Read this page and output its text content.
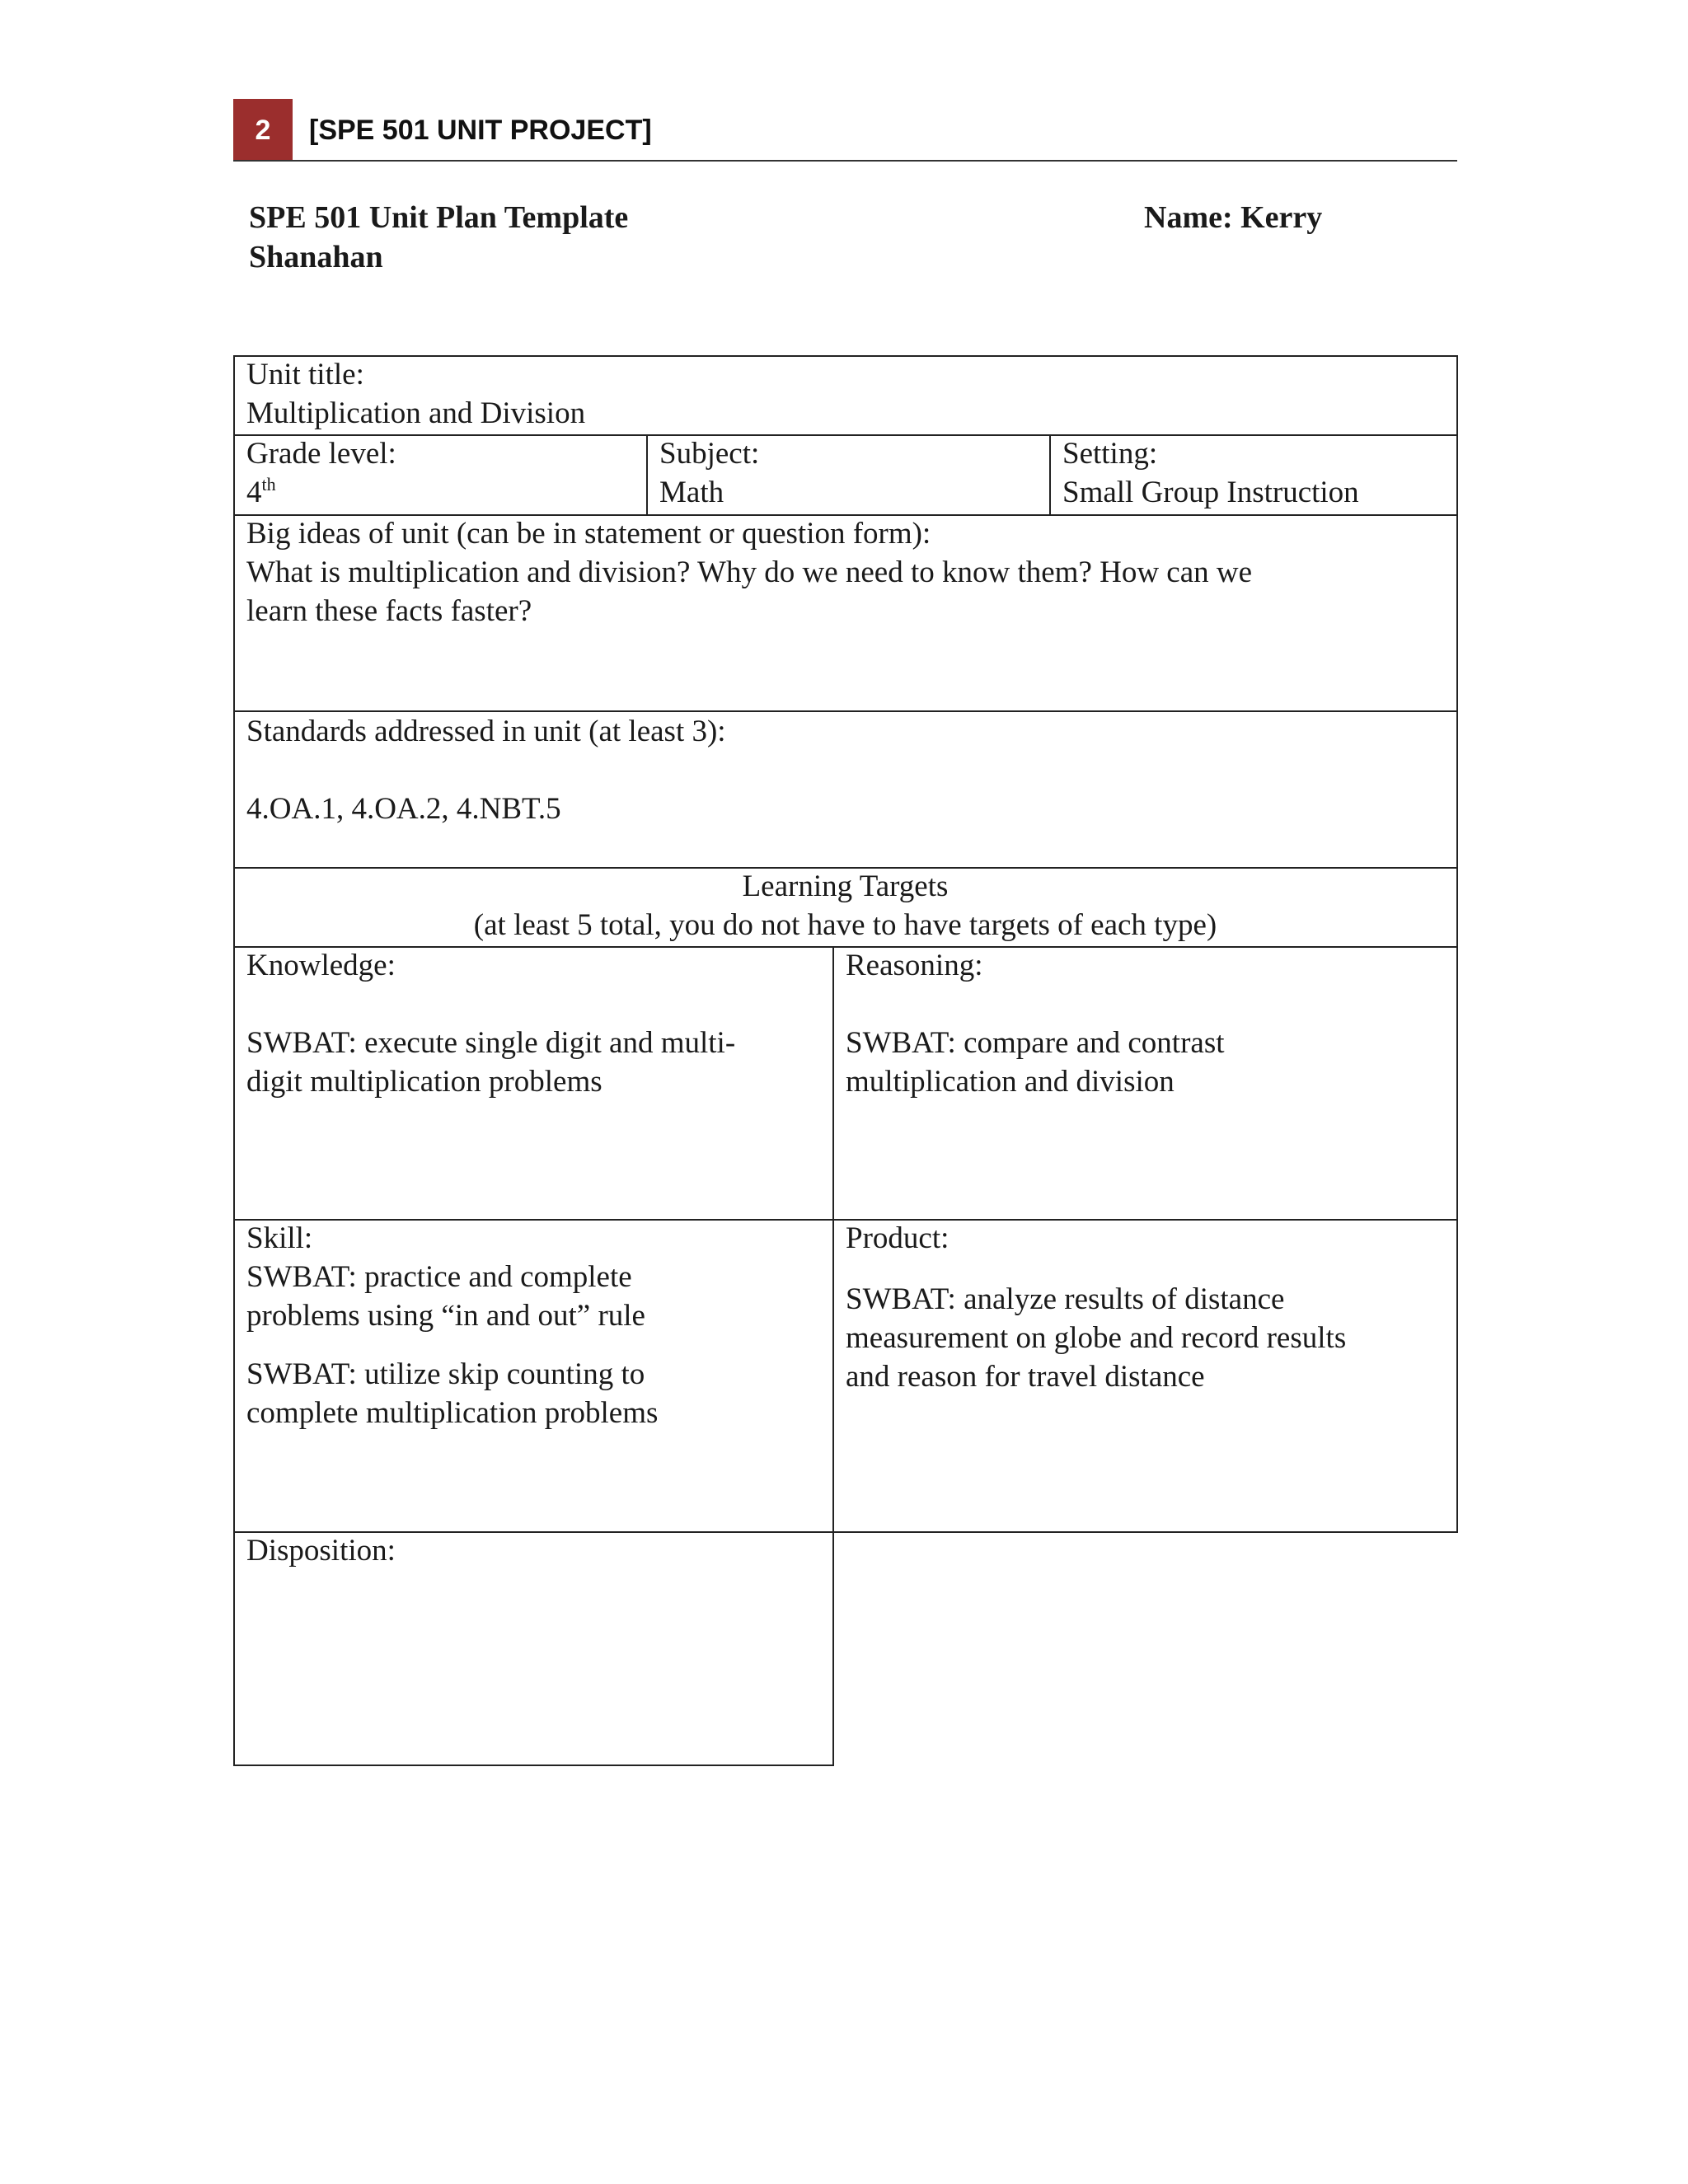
2	[SPE 501 UNIT PROJECT]
SPE 501 Unit Plan Template	Name: Kerry
Shanahan
Unit title:
Multiplication and Division
Grade level:
4th
Subject:
Math
Setting:
Small Group Instruction
Big ideas of unit (can be in statement or question form):
What is multiplication and division? Why do we need to know them? How can we
learn these facts faster?
Standards addressed in unit (at least 3):
4.OA.1, 4.OA.2, 4.NBT.5
Learning Targets
(at least 5 total, you do not have to have targets of each type)
Knowledge:
SWBAT: execute single digit and multi-
digit multiplication problems
Reasoning:
SWBAT: compare and contrast
multiplication and division
Skill:
SWBAT: practice and complete
problems using “in and out” rule
SWBAT: utilize skip counting to
complete multiplication problems
Product:
SWBAT: analyze results of distance
measurement on globe and record results
and reason for travel distance
Disposition:
